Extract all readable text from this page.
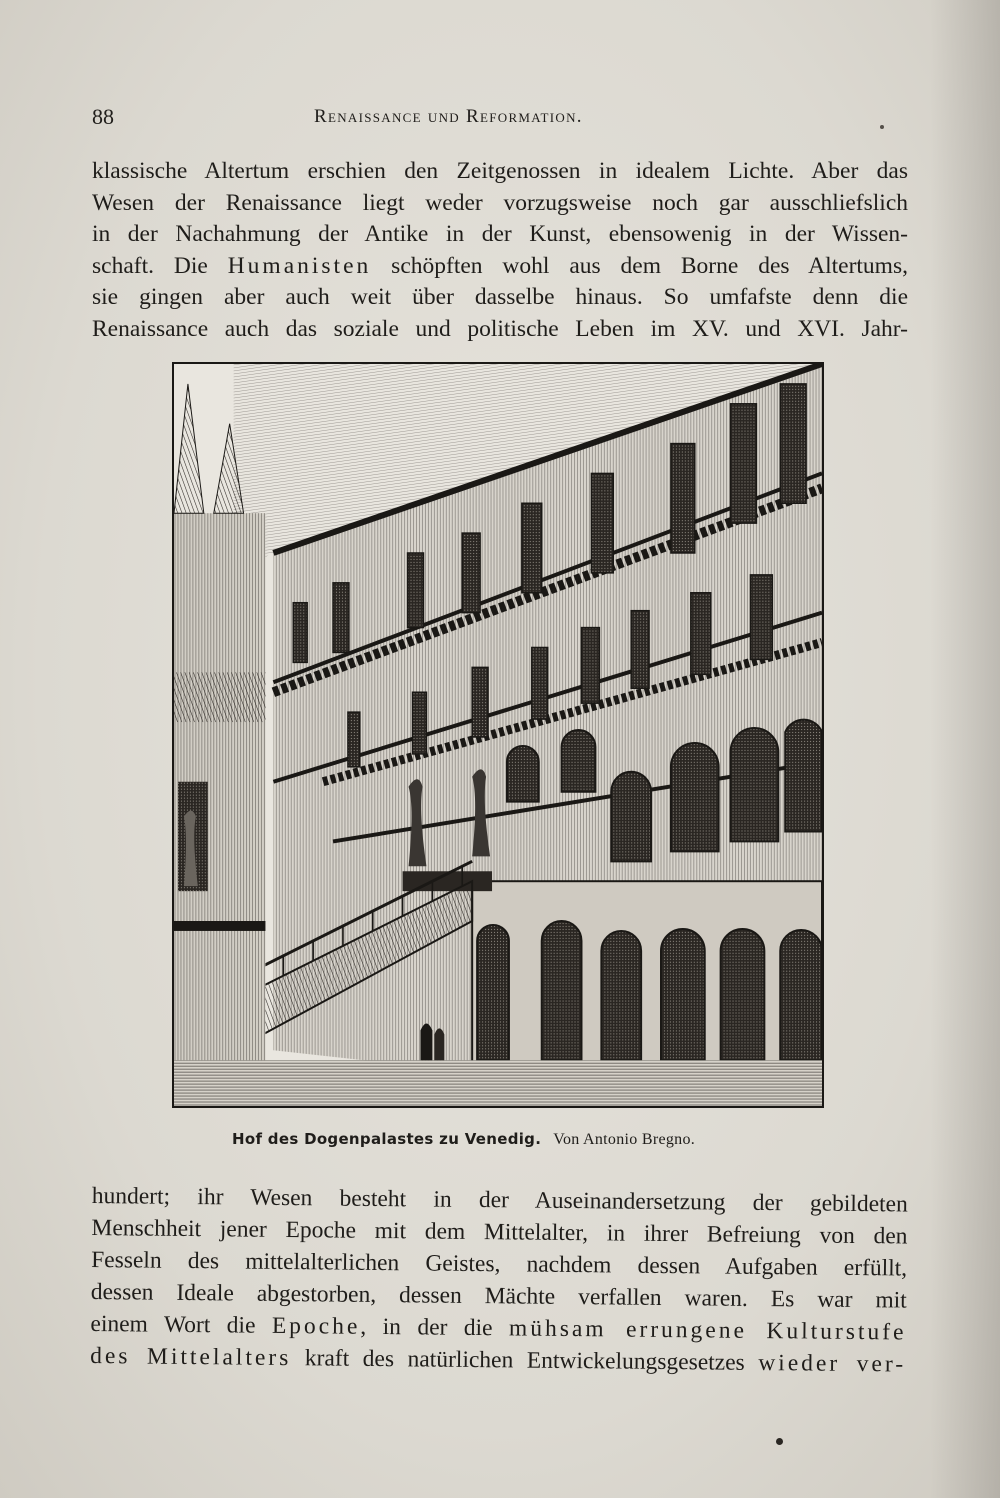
88	Renaissance und Reformation.
klassische Altertum erschien den Zeitgenossen in idealem Lichte. Aber das
Wesen der Renaissance liegt weder vorzugsweise noch gar ausschliefslich
in der Nachahmung der Antike in der Kunst, ebensowenig in der Wissen-
schaft. Die Humanisten schöpften wohl aus dem Borne des Altertums,
sie gingen aber auch weit über dasselbe hinaus. So umfafste denn die
Renaissance auch das soziale und politische Leben im XV. und XVI. Jahr-
Hof des Dogenpalastes zu Venedig. Von Antonio Bregno.
hundert; ihr Wesen besteht in der Auseinandersetzung der gebildeten
Menschheit jener Epoche mit dem Mittelalter, in ihrer Befreiung von den
Fesseln des mittelalterlichen Geistes, nachdem dessen Aufgaben erfüllt,
dessen Ideale abgestorben, dessen Mächte verfallen waren. Es war mit
einem Wort die Epoche, in der die mühsam errungene Kulturstufe
des Mittelalters kraft des natürlichen Entwickelungsgesetzes wieder ver-
